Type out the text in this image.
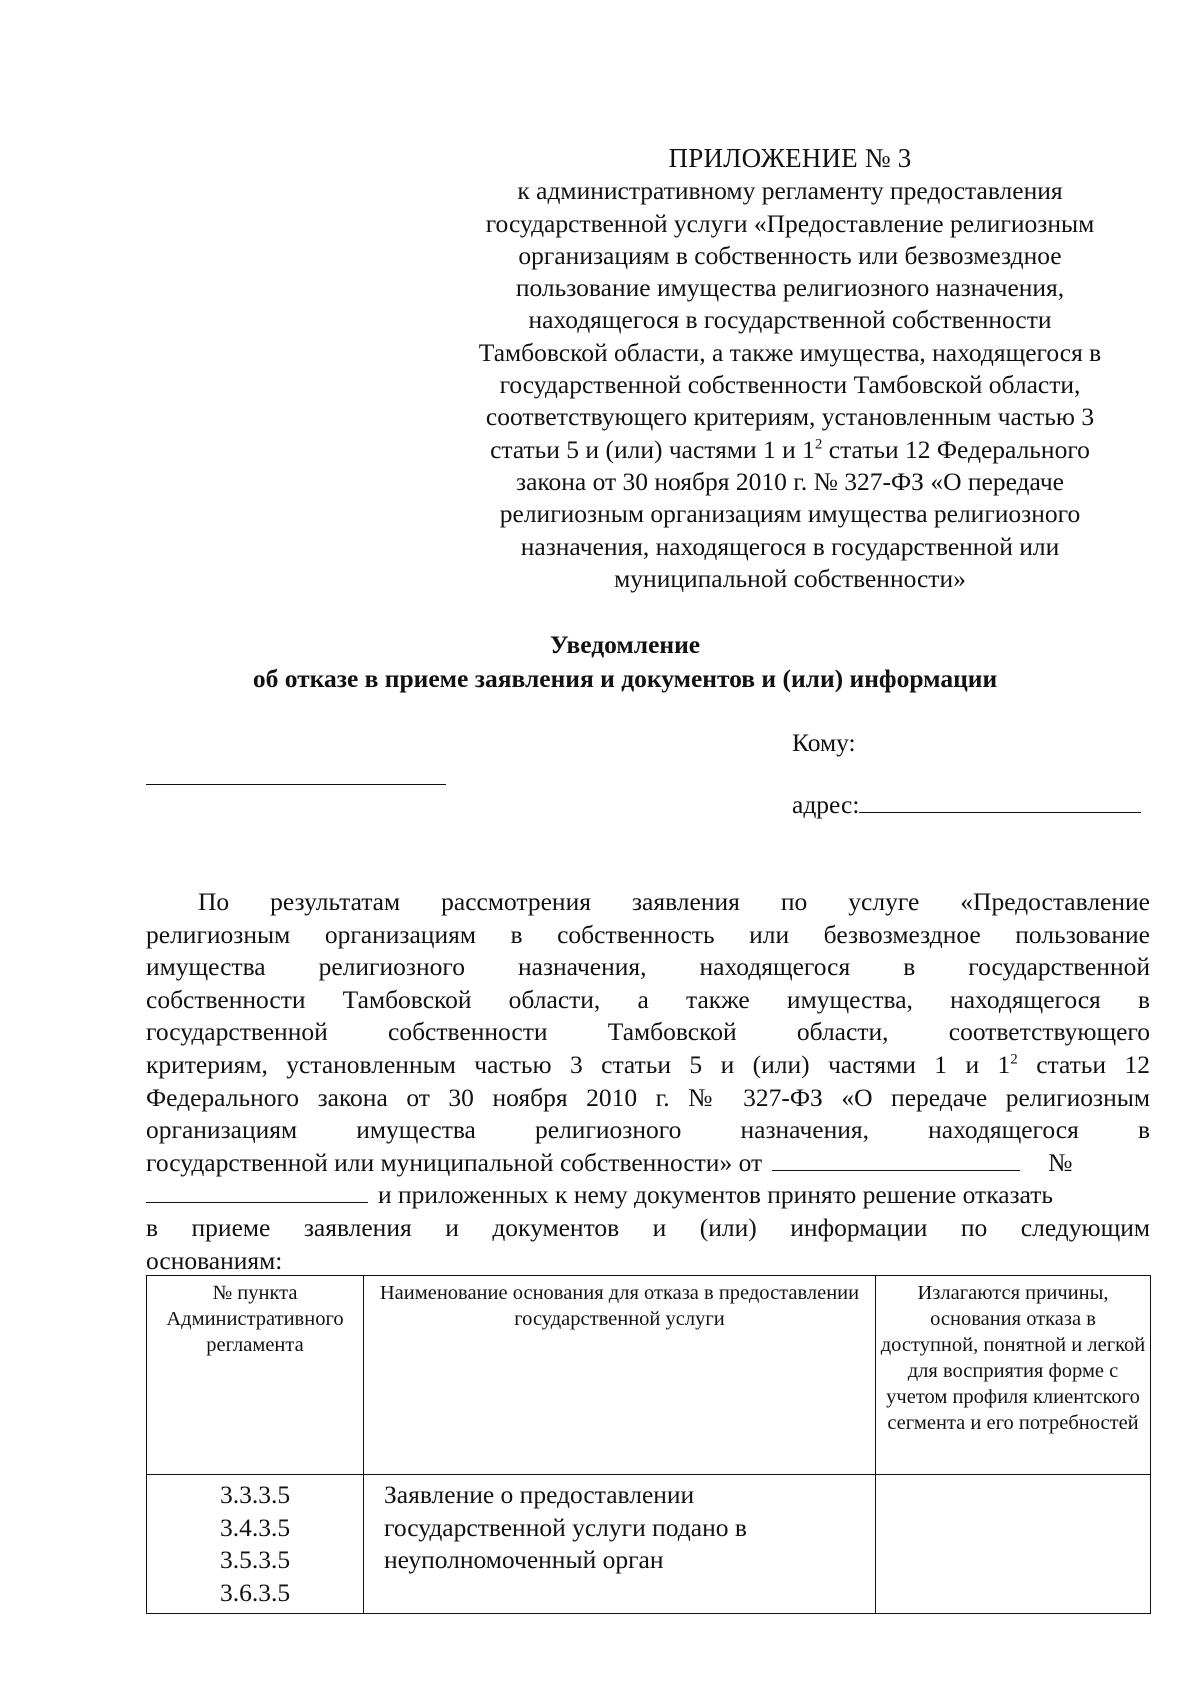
ПРИЛОЖЕНИЕ № 3
к административному регламенту предоставления
государственной услуги «Предоставление религиозным
организациям в собственность или безвозмездное
пользование имущества религиозного назначения,
находящегося в государственной собственности
Тамбовской области, а также имущества, находящегося в
государственной собственности Тамбовской области,
соответствующего критериям, установленным частью 3
статьи 5 и (или) частями 1 и $1^2$ статьи 12 Федерального
закона от 30 ноября 2010 г. № 327-ФЗ «О передаче
религиозным организациям имущества религиозного
назначения, находящегося в государственной или
муниципальной собственности»
Уведомление
об отказе в приеме заявления и документов и (или) информации
Кому:
адрес:
По результатам рассмотрения заявления по услуге «Предоставление
религиозным организациям в собственность или безвозмездное пользование
имущества религиозного назначения, находящегося в государственной
собственности Тамбовской области, а также имущества, находящегося в
государственной собственности Тамбовской области, соответствующего
критериям, установленным частью 3 статьи 5 и (или) частями 1 и $1^2$ статьи 12
Федерального закона от 30 ноября 2010 г. № 327-ФЗ «О передаче религиозным
организациям имущества религиозного назначения, находящегося в
государственной или муниципальной собственности» от	№
и приложенных к нему документов принято решение отказать
в приеме заявления и документов и (или) информации по следующим
основаниям:
№ пункта Административного регламента	Наименование основания для отказа в предоставлении государственной услуги	Излагаются причины, основания отказа в доступной, понятной и легкой для восприятия форме с учетом профиля клиентского сегмента и его потребностей

3.3.3.5
3.4.3.5
3.5.3.5
3.6.3.5	Заявление о предоставлении государственной услуги подано в неуполномоченный орган	
